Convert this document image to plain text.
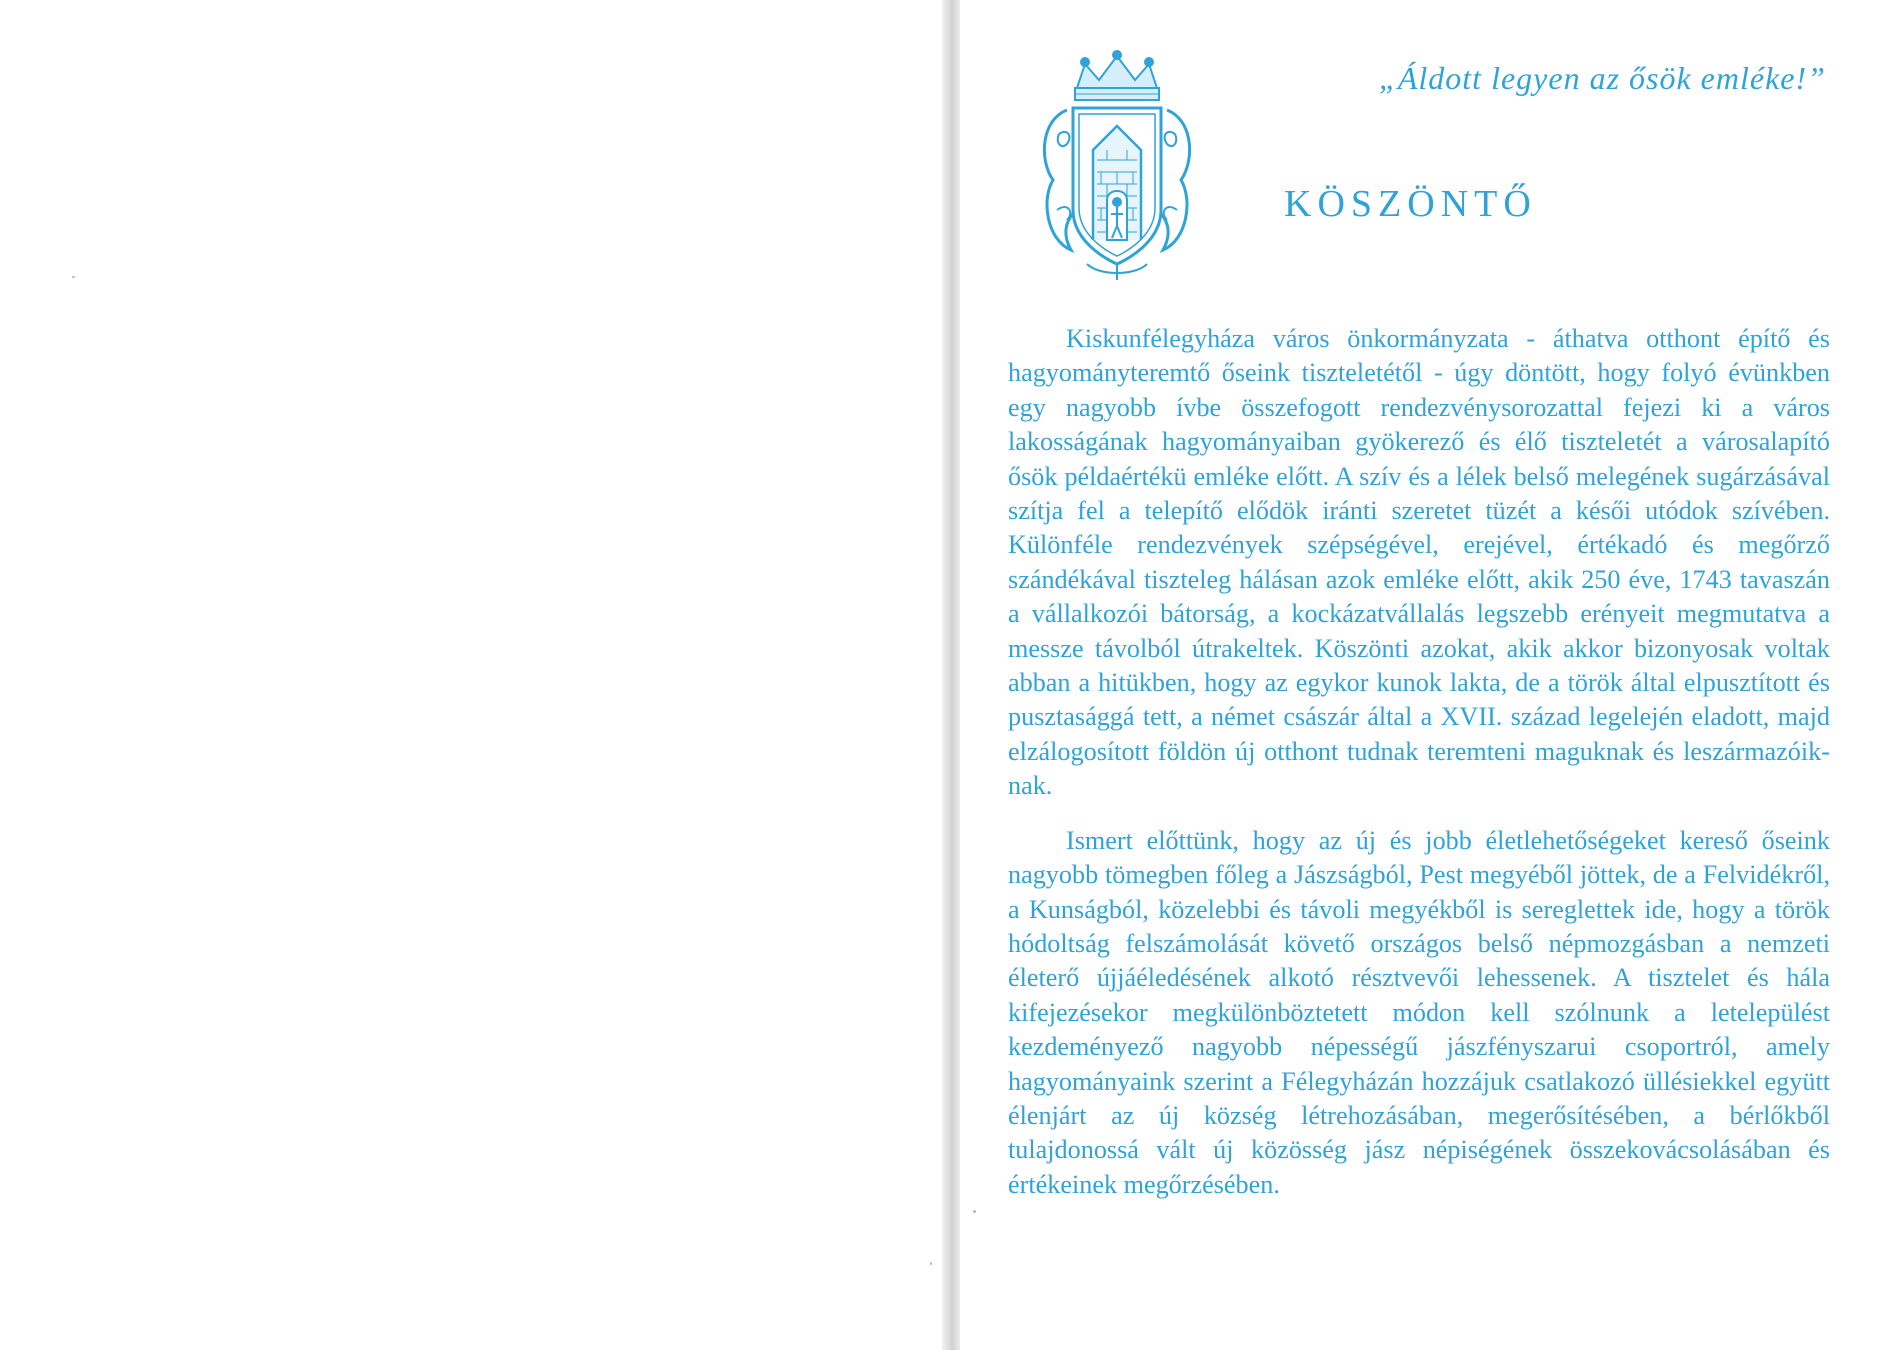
„Áldott legyen az ősök emléke!”
KÖSZÖNTŐ

Kiskunfélegyháza város önkormányzata - áthatva otthont építő és hagyományteremtő őseink tiszteletétől - úgy döntött, hogy folyó évünkben egy nagyobb ívbe összefogott rendezvénysorozattal fejezi ki a város lakosságának hagyományaiban gyökerező és élő tiszteletét a városalapító ősök példaértékü emléke előtt. A szív és a lélek belső melegének sugárzásával szítja fel a telepítő elődök iránti szeretet tüzét a késői utódok szívében. Különféle rendezvények szépségével, erejével, értékadó és megőrző szándékával tiszteleg hálásan azok emléke előtt, akik 250 éve, 1743 tavaszán a vállalkozói bátorság, a kockázatvállalás legszebb erényeit megmutatva a messze távolból útrakeltek. Köszönti azokat, akik akkor bizonyosak voltak abban a hitükben, hogy az egykor kunok lakta, de a török által elpusztított és pusztasággá tett, a német császár által a XVII. század legelején eladott, majd elzálogosított földön új otthont tudnak teremteni maguknak és leszármazóik-nak.

Ismert előttünk, hogy az új és jobb életlehetőségeket kereső őseink nagyobb tömegben főleg a Jászságból, Pest megyéből jöttek, de a Felvidékről, a Kunságból, közelebbi és távoli megyékből is sereglettek ide, hogy a török hódoltság felszámolását követő országos belső népmozgásban a nemzeti életerő újjáéledésének alkotó résztvevői lehessenek. A tisztelet és hála kifejezésekor megkülönböztetett módon kell szólnunk a letelepülést kezdeményező nagyobb népességű jászfényszarui csoportról, amely hagyományaink szerint a Félegyházán hozzájuk csatlakozó üllésiekkel együtt élenjárt az új község létrehozásában, megerősítésében, a bérlőkből tulajdonossá vált új közösség jász népiségének összekovácsolásában és értékeinek megőrzésében.
